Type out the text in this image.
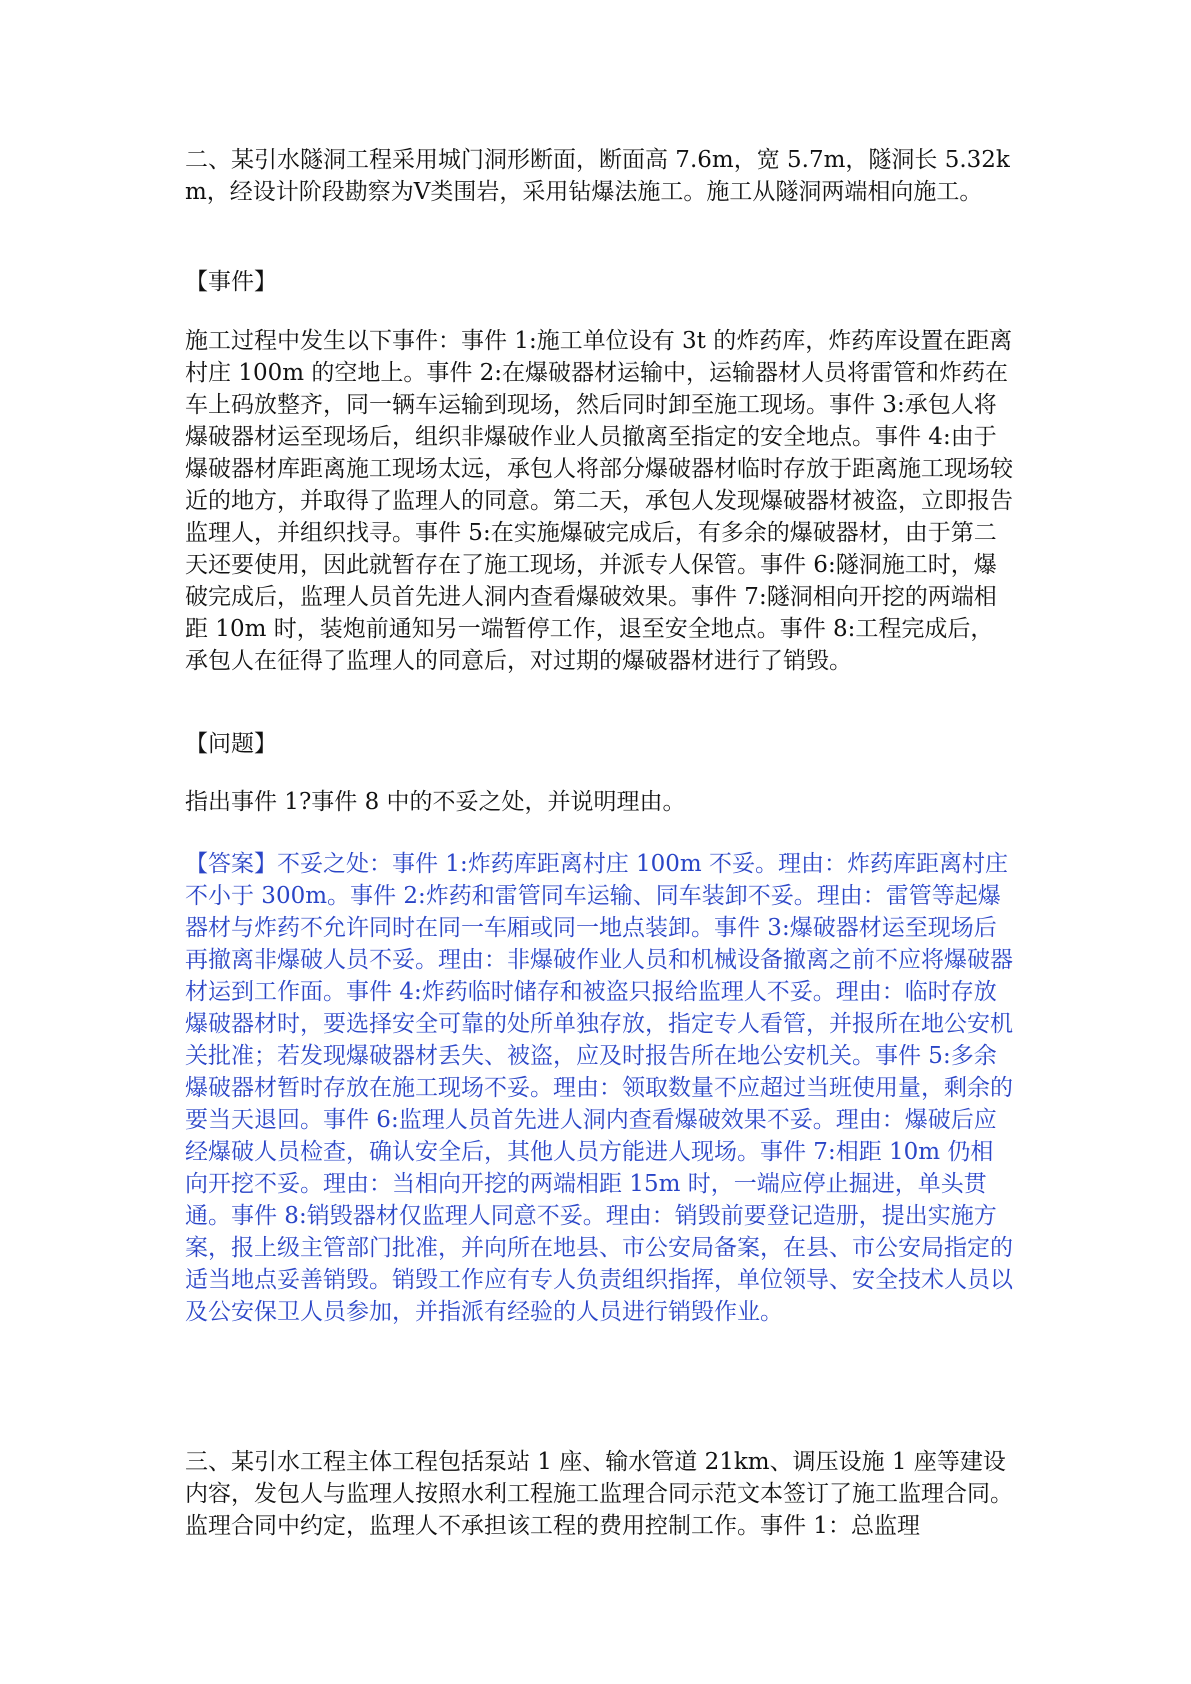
二、某引水隧洞工程采用城门洞形断面，断面高 7.6m，宽 5.7m，隧洞长 5.32km，经设计阶段勘察为Ⅴ类围岩，采用钻爆法施工。施工从隧洞两端相向施工。

【事件】

施工过程中发生以下事件：事件 1:施工单位设有 3t 的炸药库，炸药库设置在距离村庄 100m 的空地上。事件 2:在爆破器材运输中，运输器材人员将雷管和炸药在车上码放整齐，同一辆车运输到现场，然后同时卸至施工现场。事件 3:承包人将爆破器材运至现场后，组织非爆破作业人员撤离至指定的安全地点。事件 4:由于爆破器材库距离施工现场太远，承包人将部分爆破器材临时存放于距离施工现场较近的地方，并取得了监理人的同意。第二天，承包人发现爆破器材被盗，立即报告监理人，并组织找寻。事件 5:在实施爆破完成后，有多余的爆破器材，由于第二天还要使用，因此就暂存在了施工现场，并派专人保管。事件 6:隧洞施工时，爆破完成后，监理人员首先进人洞内查看爆破效果。事件 7:隧洞相向开挖的两端相距 10m 时，装炮前通知另一端暂停工作，退至安全地点。事件 8:工程完成后，承包人在征得了监理人的同意后，对过期的爆破器材进行了销毁。

【问题】

指出事件 1?事件 8 中的不妥之处，并说明理由。

【答案】不妥之处：事件 1:炸药库距离村庄 100m 不妥。理由：炸药库距离村庄不小于 300m。事件 2:炸药和雷管同车运输、同车装卸不妥。理由：雷管等起爆器材与炸药不允许同时在同一车厢或同一地点装卸。事件 3:爆破器材运至现场后再撤离非爆破人员不妥。理由：非爆破作业人员和机械设备撤离之前不应将爆破器材运到工作面。事件 4:炸药临时储存和被盗只报给监理人不妥。理由：临时存放爆破器材时，要选择安全可靠的处所单独存放，指定专人看管，并报所在地公安机关批准；若发现爆破器材丢失、被盗，应及时报告所在地公安机关。事件 5:多余爆破器材暂时存放在施工现场不妥。理由：领取数量不应超过当班使用量，剩余的要当天退回。事件 6:监理人员首先进人洞内查看爆破效果不妥。理由：爆破后应经爆破人员检查，确认安全后，其他人员方能进人现场。事件 7:相距 10m 仍相向开挖不妥。理由：当相向开挖的两端相距 15m 时，一端应停止掘进，单头贯通。事件 8:销毁器材仅监理人同意不妥。理由：销毁前要登记造册，提出实施方案，报上级主管部门批准，并向所在地县、市公安局备案，在县、市公安局指定的适当地点妥善销毁。销毁工作应有专人负责组织指挥，单位领导、安全技术人员以及公安保卫人员参加，并指派有经验的人员进行销毁作业。

三、某引水工程主体工程包括泵站 1 座、输水管道 21km、调压设施 1 座等建设内容，发包人与监理人按照水利工程施工监理合同示范文本签订了施工监理合同。监理合同中约定，监理人不承担该工程的费用控制工作。事件 1：总监理
